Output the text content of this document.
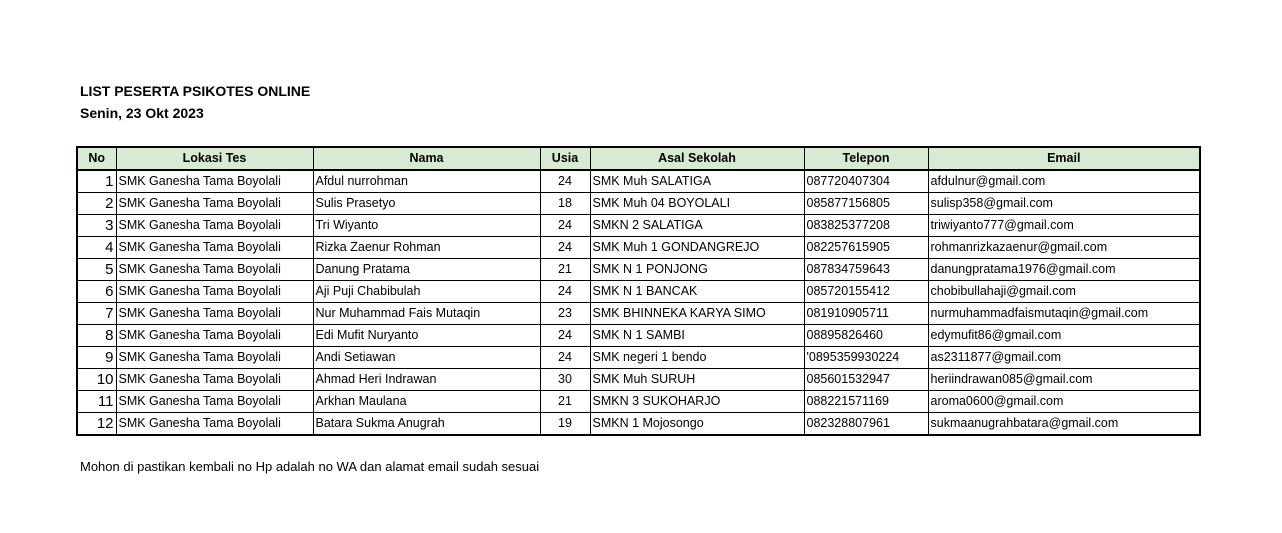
LIST PESERTA PSIKOTES ONLINE
Senin, 23 Okt 2023
No	Lokasi Tes	Nama	Usia	Asal Sekolah	Telepon	Email
1	SMK Ganesha Tama Boyolali	Afdul nurrohman	24	SMK Muh SALATIGA	087720407304	afdulnur@gmail.com
2	SMK Ganesha Tama Boyolali	Sulis Prasetyo	18	SMK Muh 04 BOYOLALI	085877156805	sulisp358@gmail.com
3	SMK Ganesha Tama Boyolali	Tri Wiyanto	24	SMKN 2 SALATIGA	083825377208	triwiyanto777@gmail.com
4	SMK Ganesha Tama Boyolali	Rizka Zaenur Rohman	24	SMK Muh 1 GONDANGREJO	082257615905	rohmanrizkazaenur@gmail.com
5	SMK Ganesha Tama Boyolali	Danung Pratama	21	SMK N 1 PONJONG	087834759643	danungpratama1976@gmail.com
6	SMK Ganesha Tama Boyolali	Aji Puji Chabibulah	24	SMK N 1 BANCAK	085720155412	chobibullahaji@gmail.com
7	SMK Ganesha Tama Boyolali	Nur Muhammad Fais Mutaqin	23	SMK BHINNEKA KARYA SIMO	081910905711	nurmuhammadfaismutaqin@gmail.com
8	SMK Ganesha Tama Boyolali	Edi Mufit Nuryanto	24	SMK N 1 SAMBI	08895826460	edymufit86@gmail.com
9	SMK Ganesha Tama Boyolali	Andi Setiawan	24	SMK negeri 1 bendo	'0895359930224	as2311877@gmail.com
10	SMK Ganesha Tama Boyolali	Ahmad Heri Indrawan	30	SMK Muh SURUH	085601532947	heriindrawan085@gmail.com
11	SMK Ganesha Tama Boyolali	Arkhan Maulana	21	SMKN 3 SUKOHARJO	088221571169	aroma0600@gmail.com
12	SMK Ganesha Tama Boyolali	Batara Sukma Anugrah	19	SMKN 1 Mojosongo	082328807961	sukmaanugrahbatara@gmail.com
Mohon di pastikan kembali no Hp adalah no WA dan alamat email sudah sesuai
